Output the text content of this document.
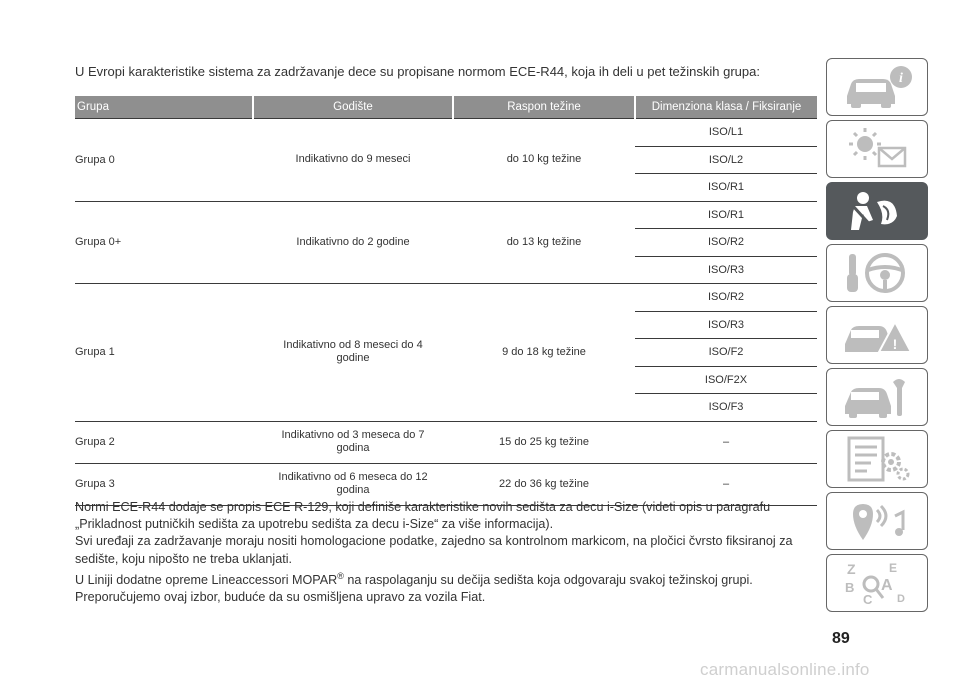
U Evropi karakteristike sistema za zadržavanje dece su propisane normom ECE-R44, koja ih deli u pet težinskih grupa:
Grupa	Godište	Raspon težine	Dimenziona klasa / Fiksiranje
Grupa 0	Indikativno do 9 meseci	do 10 kg težine	ISO/L1
			ISO/L2
			ISO/R1
Grupa 0+	Indikativno do 2 godine	do 13 kg težine	ISO/R1
			ISO/R2
			ISO/R3
Grupa 1	Indikativno od 8 meseci do 4 godine	9 do 18 kg težine	ISO/R2
			ISO/R3
			ISO/F2
			ISO/F2X
			ISO/F3
Grupa 2	Indikativno od 3 meseca do 7 godina	15 do 25 kg težine	–
Grupa 3	Indikativno od 6 meseca do 12 godina	22 do 36 kg težine	–

Normi ECE-R44 dodaje se propis ECE R-129, koji definiše karakteristike novih sedišta za decu i-Size (videti opis u paragrafu „Prikladnost putničkih sedišta za upotrebu sedišta za decu i-Size“ za više informacija).

Svi uređaji za zadržavanje moraju nositi homologacione podatke, zajedno sa kontrolnom markicom, na pločici čvrsto fiksiranoj za sedište, koju nipošto ne treba uklanjati.

U Liniji dodatne opreme Lineaccessori MOPAR® na raspolaganju su dečija sedišta koja odgovaraju svakoj težinskoj grupi. Preporučujemo ovaj izbor, buduće da su osmišljena upravo za vozila Fiat.

i
!
Z	E
A
B
C D
89
carmanualsonline.info
